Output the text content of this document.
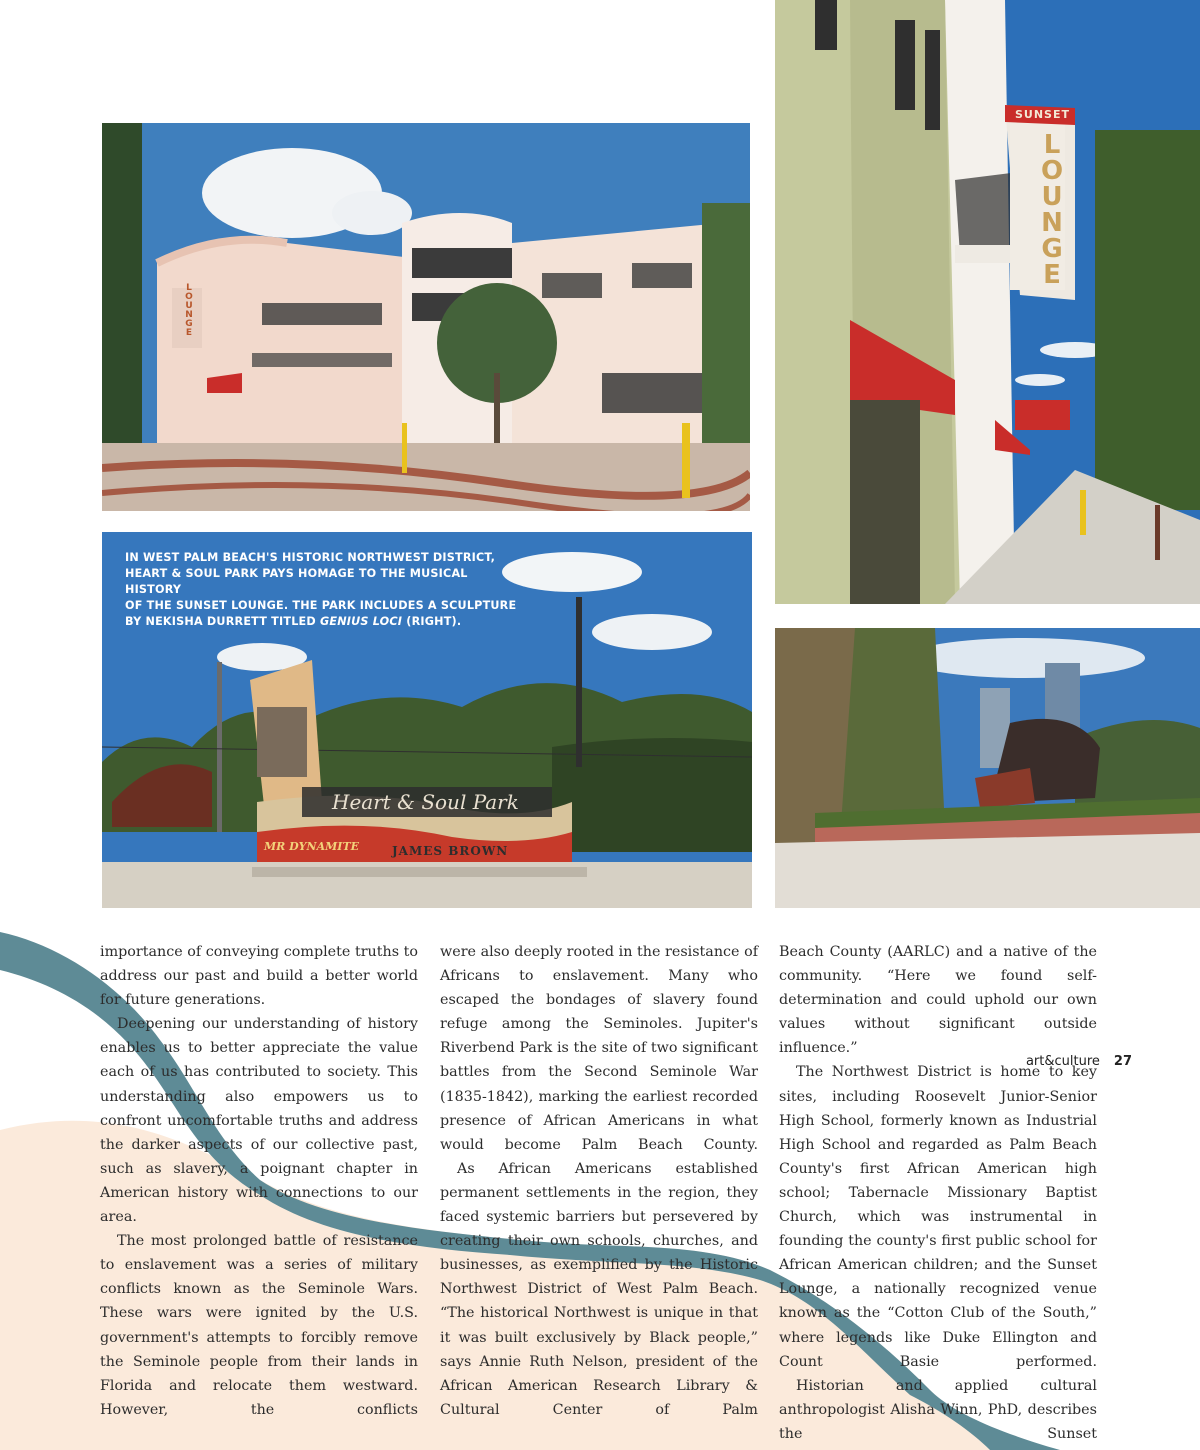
LOUNGE
Heart & Soul Park
MR DYNAMITE	JAMES BROWN
IN WEST PALM BEACH'S HISTORIC NORTHWEST DISTRICT,
HEART & SOUL PARK PAYS HOMAGE TO THE MUSICAL HISTORY
OF THE SUNSET LOUNGE. THE PARK INCLUDES A SCULPTURE
BY NEKISHA DURRETT TITLED GENIUS LOCI (RIGHT).
SUNSET
LOUNGE

importance of conveying complete truths to address our past and build a better world for future generations.

Deepening our understanding of history enables us to better appreciate the value each of us has contributed to society. This understanding also empowers us to confront uncomfortable truths and address the darker aspects of our collective past, such as slavery, a poignant chapter in American history with connections to our area.

The most prolonged battle of resistance to enslavement was a series of military conflicts known as the Seminole Wars. These wars were ignited by the U.S. government's attempts to forcibly remove the Seminole people from their lands in Florida and relocate them westward. However, the conflicts

were also deeply rooted in the resistance of Africans to enslavement. Many who escaped the bondages of slavery found refuge among the Seminoles. Jupiter's Riverbend Park is the site of two significant battles from the Second Seminole War (1835-1842), marking the earliest recorded presence of African Americans in what would become Palm Beach County.

As African Americans established permanent settlements in the region, they faced systemic barriers but persevered by creating their own schools, churches, and businesses, as exemplified by the Historic Northwest District of West Palm Beach. “The historical Northwest is unique in that it was built exclusively by Black people,” says Annie Ruth Nelson, president of the African American Research Library & Cultural Center of Palm

Beach County (AARLC) and a native of the community. “Here we found self-determination and could uphold our own values without significant outside influence.”

The Northwest District is home to key sites, including Roosevelt Junior-Senior High School, formerly known as Industrial High School and regarded as Palm Beach County's first African American high school; Tabernacle Missionary Baptist Church, which was instrumental in founding the county's first public school for African American children; and the Sunset Lounge, a nationally recognized venue known as the “Cotton Club of the South,” where legends like Duke Ellington and Count Basie performed.

Historian and applied cultural anthropologist Alisha Winn, PhD, describes the Sunset

art&culture 27
